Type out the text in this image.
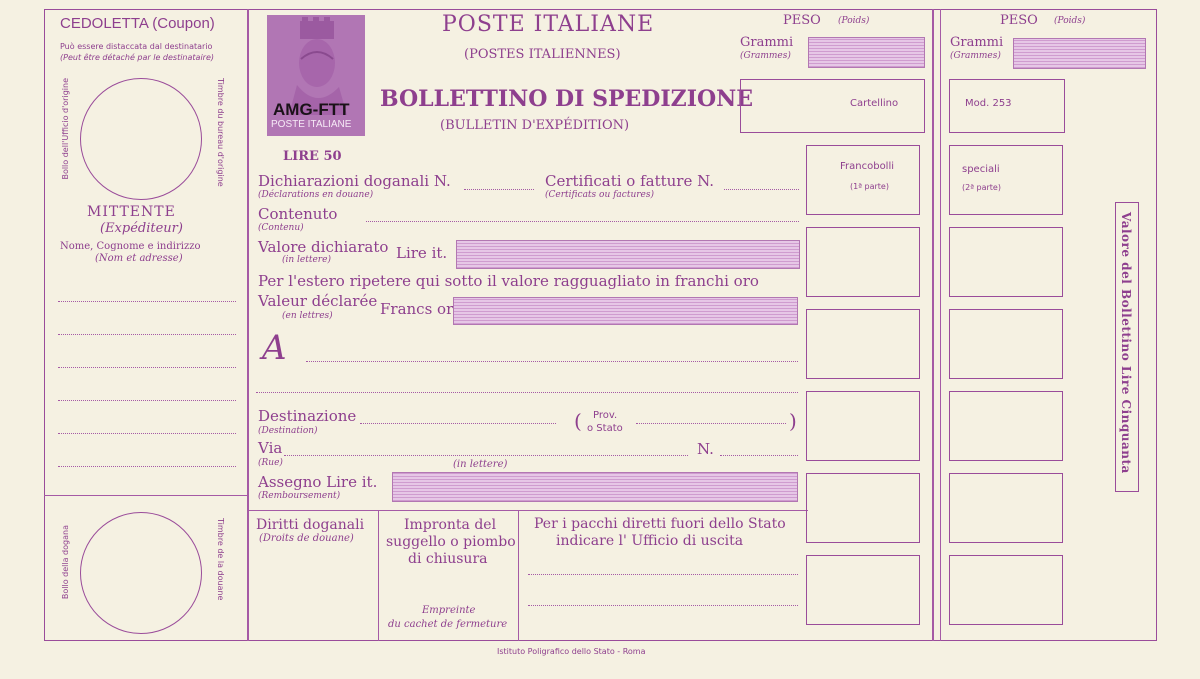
CEDOLETTA (Coupon)
Può essere distaccata dal destinatario
(Peut être détaché par le destinataire)
Bollo dell'Ufficio d'origine	Timbre du bureau d'origine
MITTENTE
(Expéditeur)
Nome, Cognome e indirizzo
(Nom et adresse)
Bollo della dogana	Timbre de la douane
AMG-FTT
POSTE ITALIANE
POSTE ITALIANE
(POSTES ITALIENNES)
BOLLETTINO DI SPEDIZIONE
(BULLETIN D'EXPÉDITION)
LIRE 50
PESO (Poids)
Grammi
(Grammes)
PESO (Poids)
Grammi
(Grammes)
Cartellino	Mod. 253
Francobolli
(1ª parte)
speciali
(2ª parte)
Valore del Bollettino Lire Cinquanta
Dichiarazioni doganali N.
(Déclarations en douane)
Certificati o fatture N.
(Certificats ou factures)
Contenuto
(Contenu)
Valore dichiarato
(in lettere)	Lire it.
Per l'estero ripetere qui sotto il valore ragguagliato in franchi oro
Valeur déclarée
(en lettres)	Francs or
A
Destinazione
(Destination)	( Prov.
o Stato	)
Via
(Rue)
N.
(in lettere)
Assegno Lire it.
(Remboursement)
Diritti doganali
(Droits de douane)
Impronta del
suggello o piombo
di chiusura
Empreinte
du cachet de fermeture
Per i pacchi diretti fuori dello Stato
indicare l' Ufficio di uscita
Istituto Poligrafico dello Stato - Roma
